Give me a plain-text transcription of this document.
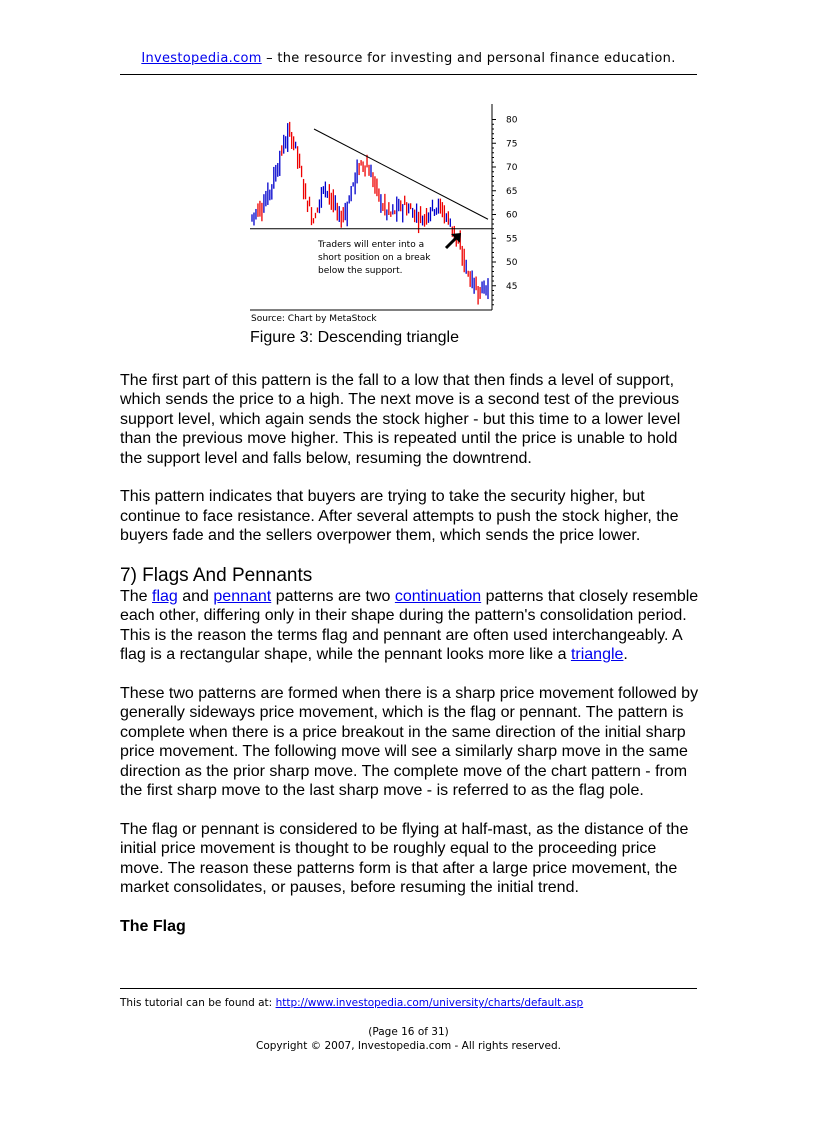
Investopedia.com – the resource for investing and personal finance education.
80
75
70
65
60
55
50
45
Traders will enter into a
short position on a break
below the support.
Source: Chart by MetaStock
Figure 3: Descending triangle

The first part of this pattern is the fall to a low that then finds a level of support, which sends the price to a high. The next move is a second test of the previous support level, which again sends the stock higher - but this time to a lower level than the previous move higher. This is repeated until the price is unable to hold the support level and falls below, resuming the downtrend.

This pattern indicates that buyers are trying to take the security higher, but continue to face resistance. After several attempts to push the stock higher, the buyers fade and the sellers overpower them, which sends the price lower.

7) Flags And Pennants

The flag and pennant patterns are two continuation patterns that closely resemble each other, differing only in their shape during the pattern's consolidation period. This is the reason the terms flag and pennant are often used interchangeably. A flag is a rectangular shape, while the pennant looks more like a triangle.

These two patterns are formed when there is a sharp price movement followed by generally sideways price movement, which is the flag or pennant. The pattern is complete when there is a price breakout in the same direction of the initial sharp price movement. The following move will see a similarly sharp move in the same direction as the prior sharp move. The complete move of the chart pattern - from the first sharp move to the last sharp move - is referred to as the flag pole.

The flag or pennant is considered to be flying at half-mast, as the distance of the initial price movement is thought to be roughly equal to the proceeding price move. The reason these patterns form is that after a large price movement, the market consolidates, or pauses, before resuming the initial trend.

The Flag
This tutorial can be found at: http://www.investopedia.com/university/charts/default.asp
(Page 16 of 31)
Copyright © 2007, Investopedia.com - All rights reserved.
